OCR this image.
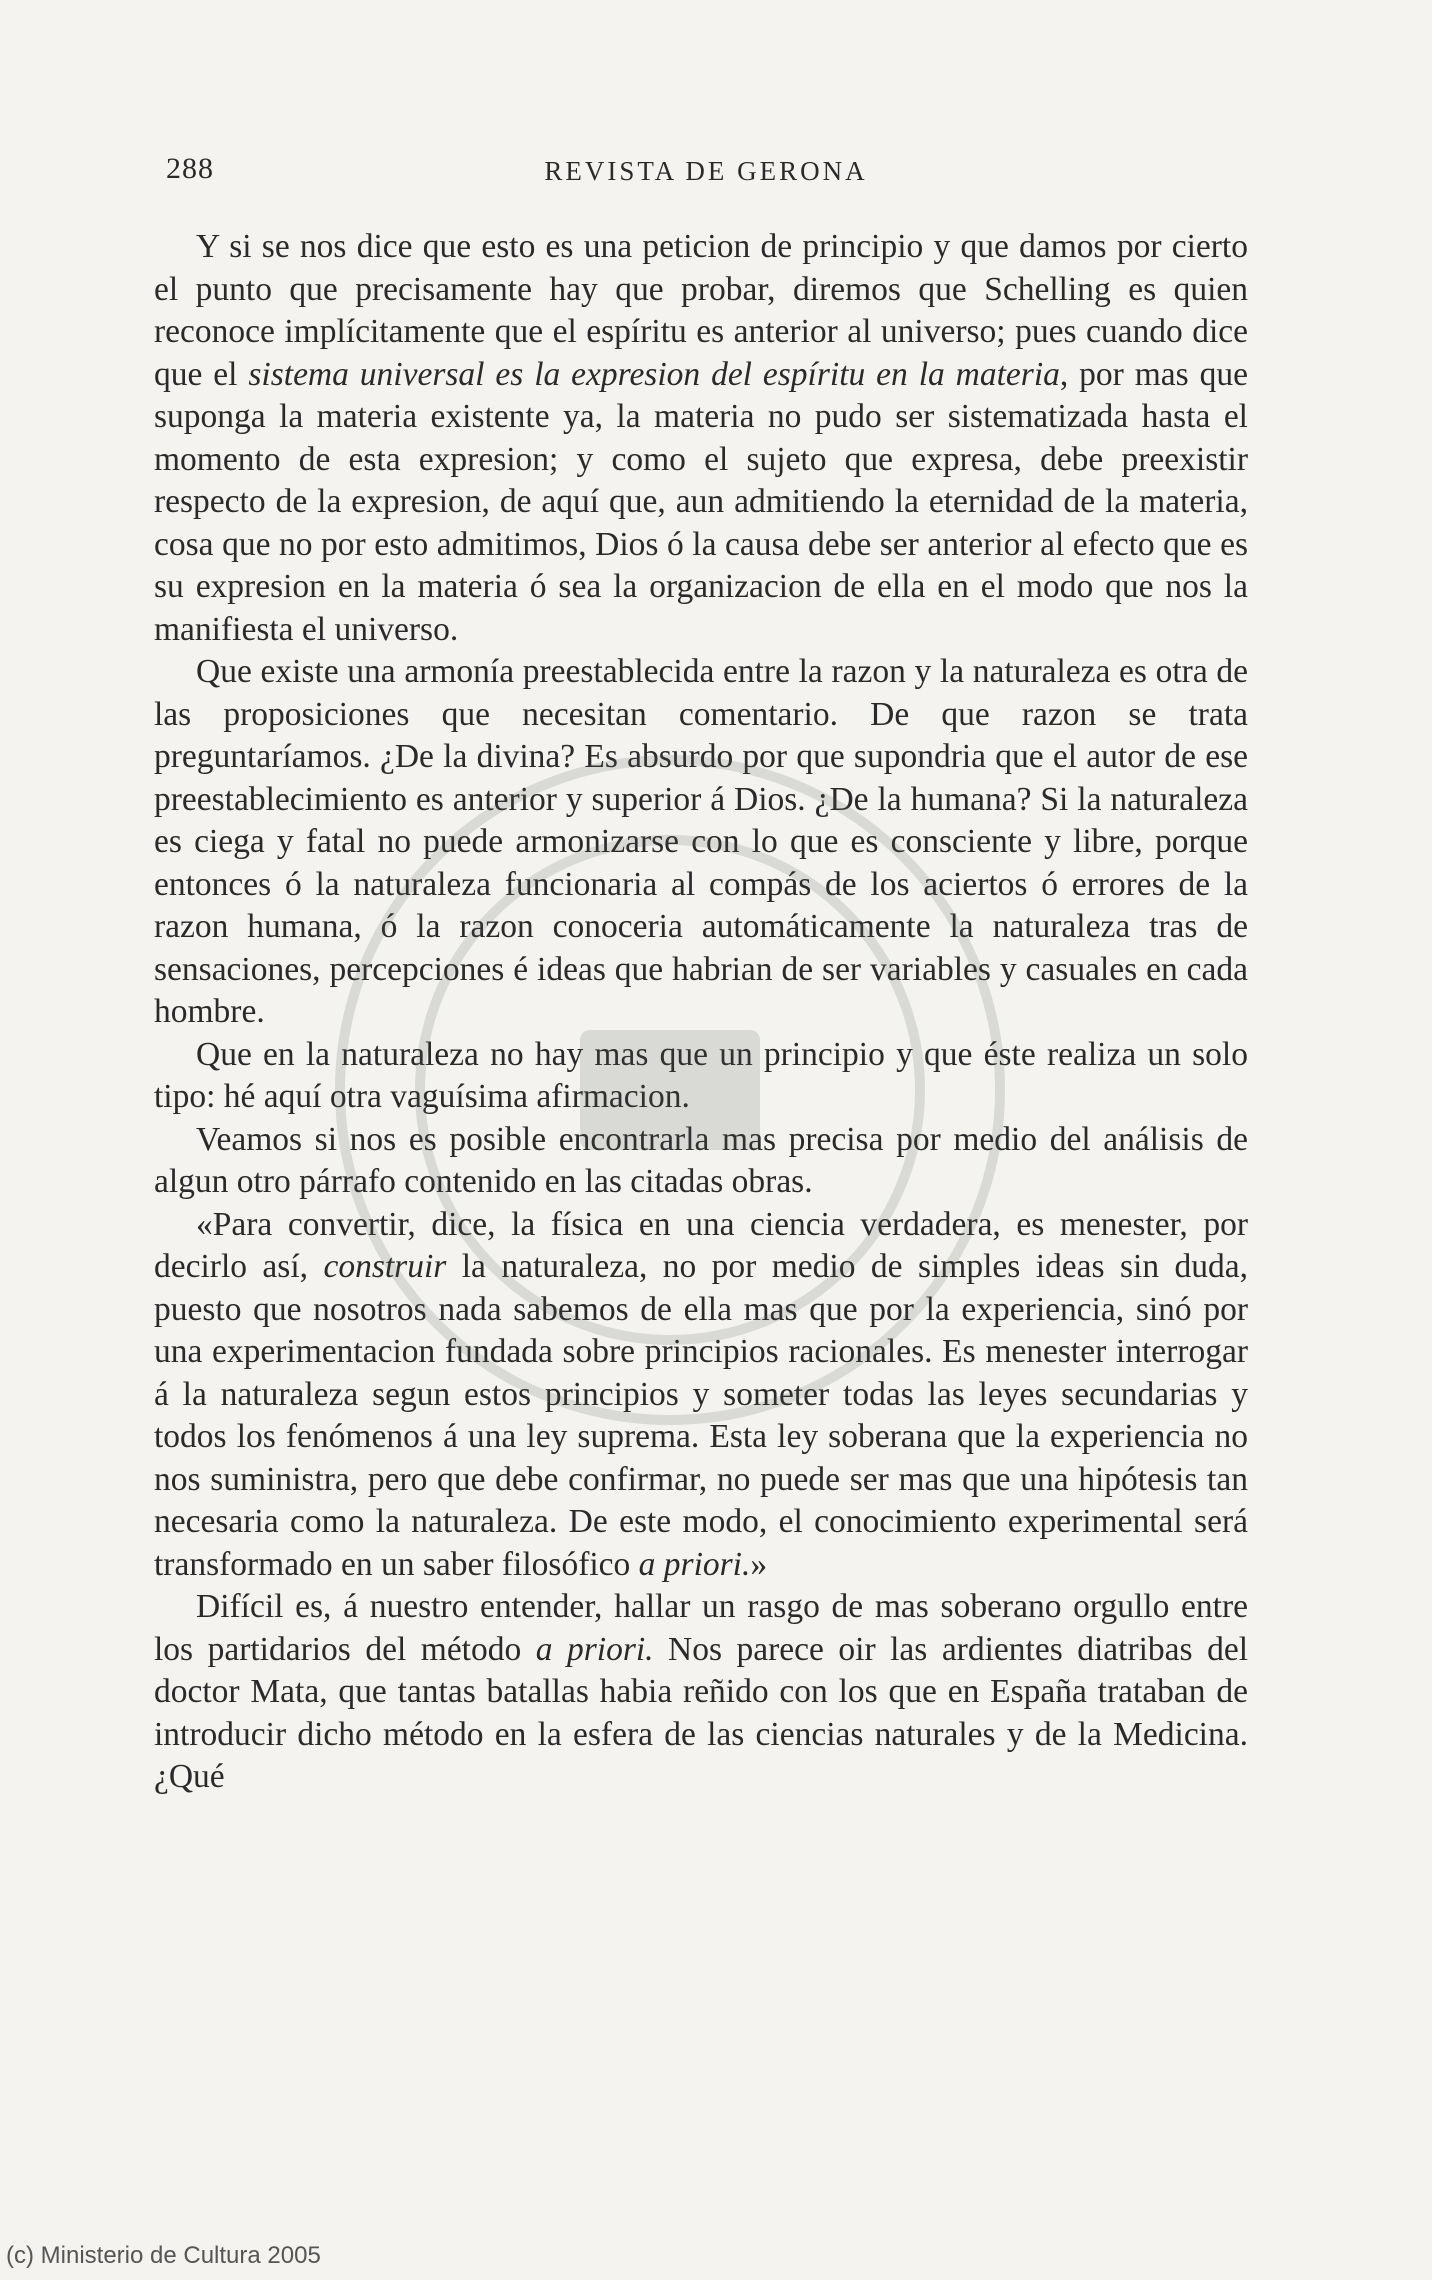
288	REVISTA DE GERONA

Y si se nos dice que esto es una peticion de principio y que damos por cierto el punto que precisamente hay que probar, diremos que Schelling es quien reconoce implícitamente que el espíritu es anterior al universo; pues cuando dice que el sistema universal es la expresion del espíritu en la materia, por mas que suponga la materia existente ya, la materia no pudo ser sistematizada hasta el momento de esta expresion; y como el sujeto que expresa, debe preexistir respecto de la expresion, de aquí que, aun admitiendo la eternidad de la materia, cosa que no por esto admitimos, Dios ó la causa debe ser anterior al efecto que es su expresion en la materia ó sea la organizacion de ella en el modo que nos la manifiesta el universo.

Que existe una armonía preestablecida entre la razon y la naturaleza es otra de las proposiciones que necesitan comentario. De que razon se trata preguntaríamos. ¿De la divina? Es absurdo por que supondria que el autor de ese preestablecimiento es anterior y superior á Dios. ¿De la humana? Si la naturaleza es ciega y fatal no puede armonizarse con lo que es consciente y libre, porque entonces ó la naturaleza funcionaria al compás de los aciertos ó errores de la razon humana, ó la razon conoceria automáticamente la naturaleza tras de sensaciones, percepciones é ideas que habrian de ser variables y casuales en cada hombre.

Que en la naturaleza no hay mas que un principio y que éste realiza un solo tipo: hé aquí otra vaguísima afirmacion.

Veamos si nos es posible encontrarla mas precisa por medio del análisis de algun otro párrafo contenido en las citadas obras.

«Para convertir, dice, la física en una ciencia verdadera, es menester, por decirlo así, construir la naturaleza, no por medio de simples ideas sin duda, puesto que nosotros nada sabemos de ella mas que por la experiencia, sinó por una experimentacion fundada sobre principios racionales. Es menester interrogar á la naturaleza segun estos principios y someter todas las leyes secundarias y todos los fenómenos á una ley suprema. Esta ley soberana que la experiencia no nos suministra, pero que debe confirmar, no puede ser mas que una hipótesis tan necesaria como la naturaleza. De este modo, el conocimiento experimental será transformado en un saber filosófico a priori.»

Difícil es, á nuestro entender, hallar un rasgo de mas soberano orgullo entre los partidarios del método a priori. Nos parece oir las ardientes diatribas del doctor Mata, que tantas batallas habia reñido con los que en España trataban de introducir dicho método en la esfera de las ciencias naturales y de la Medicina. ¿Qué

(c) Ministerio de Cultura 2005
